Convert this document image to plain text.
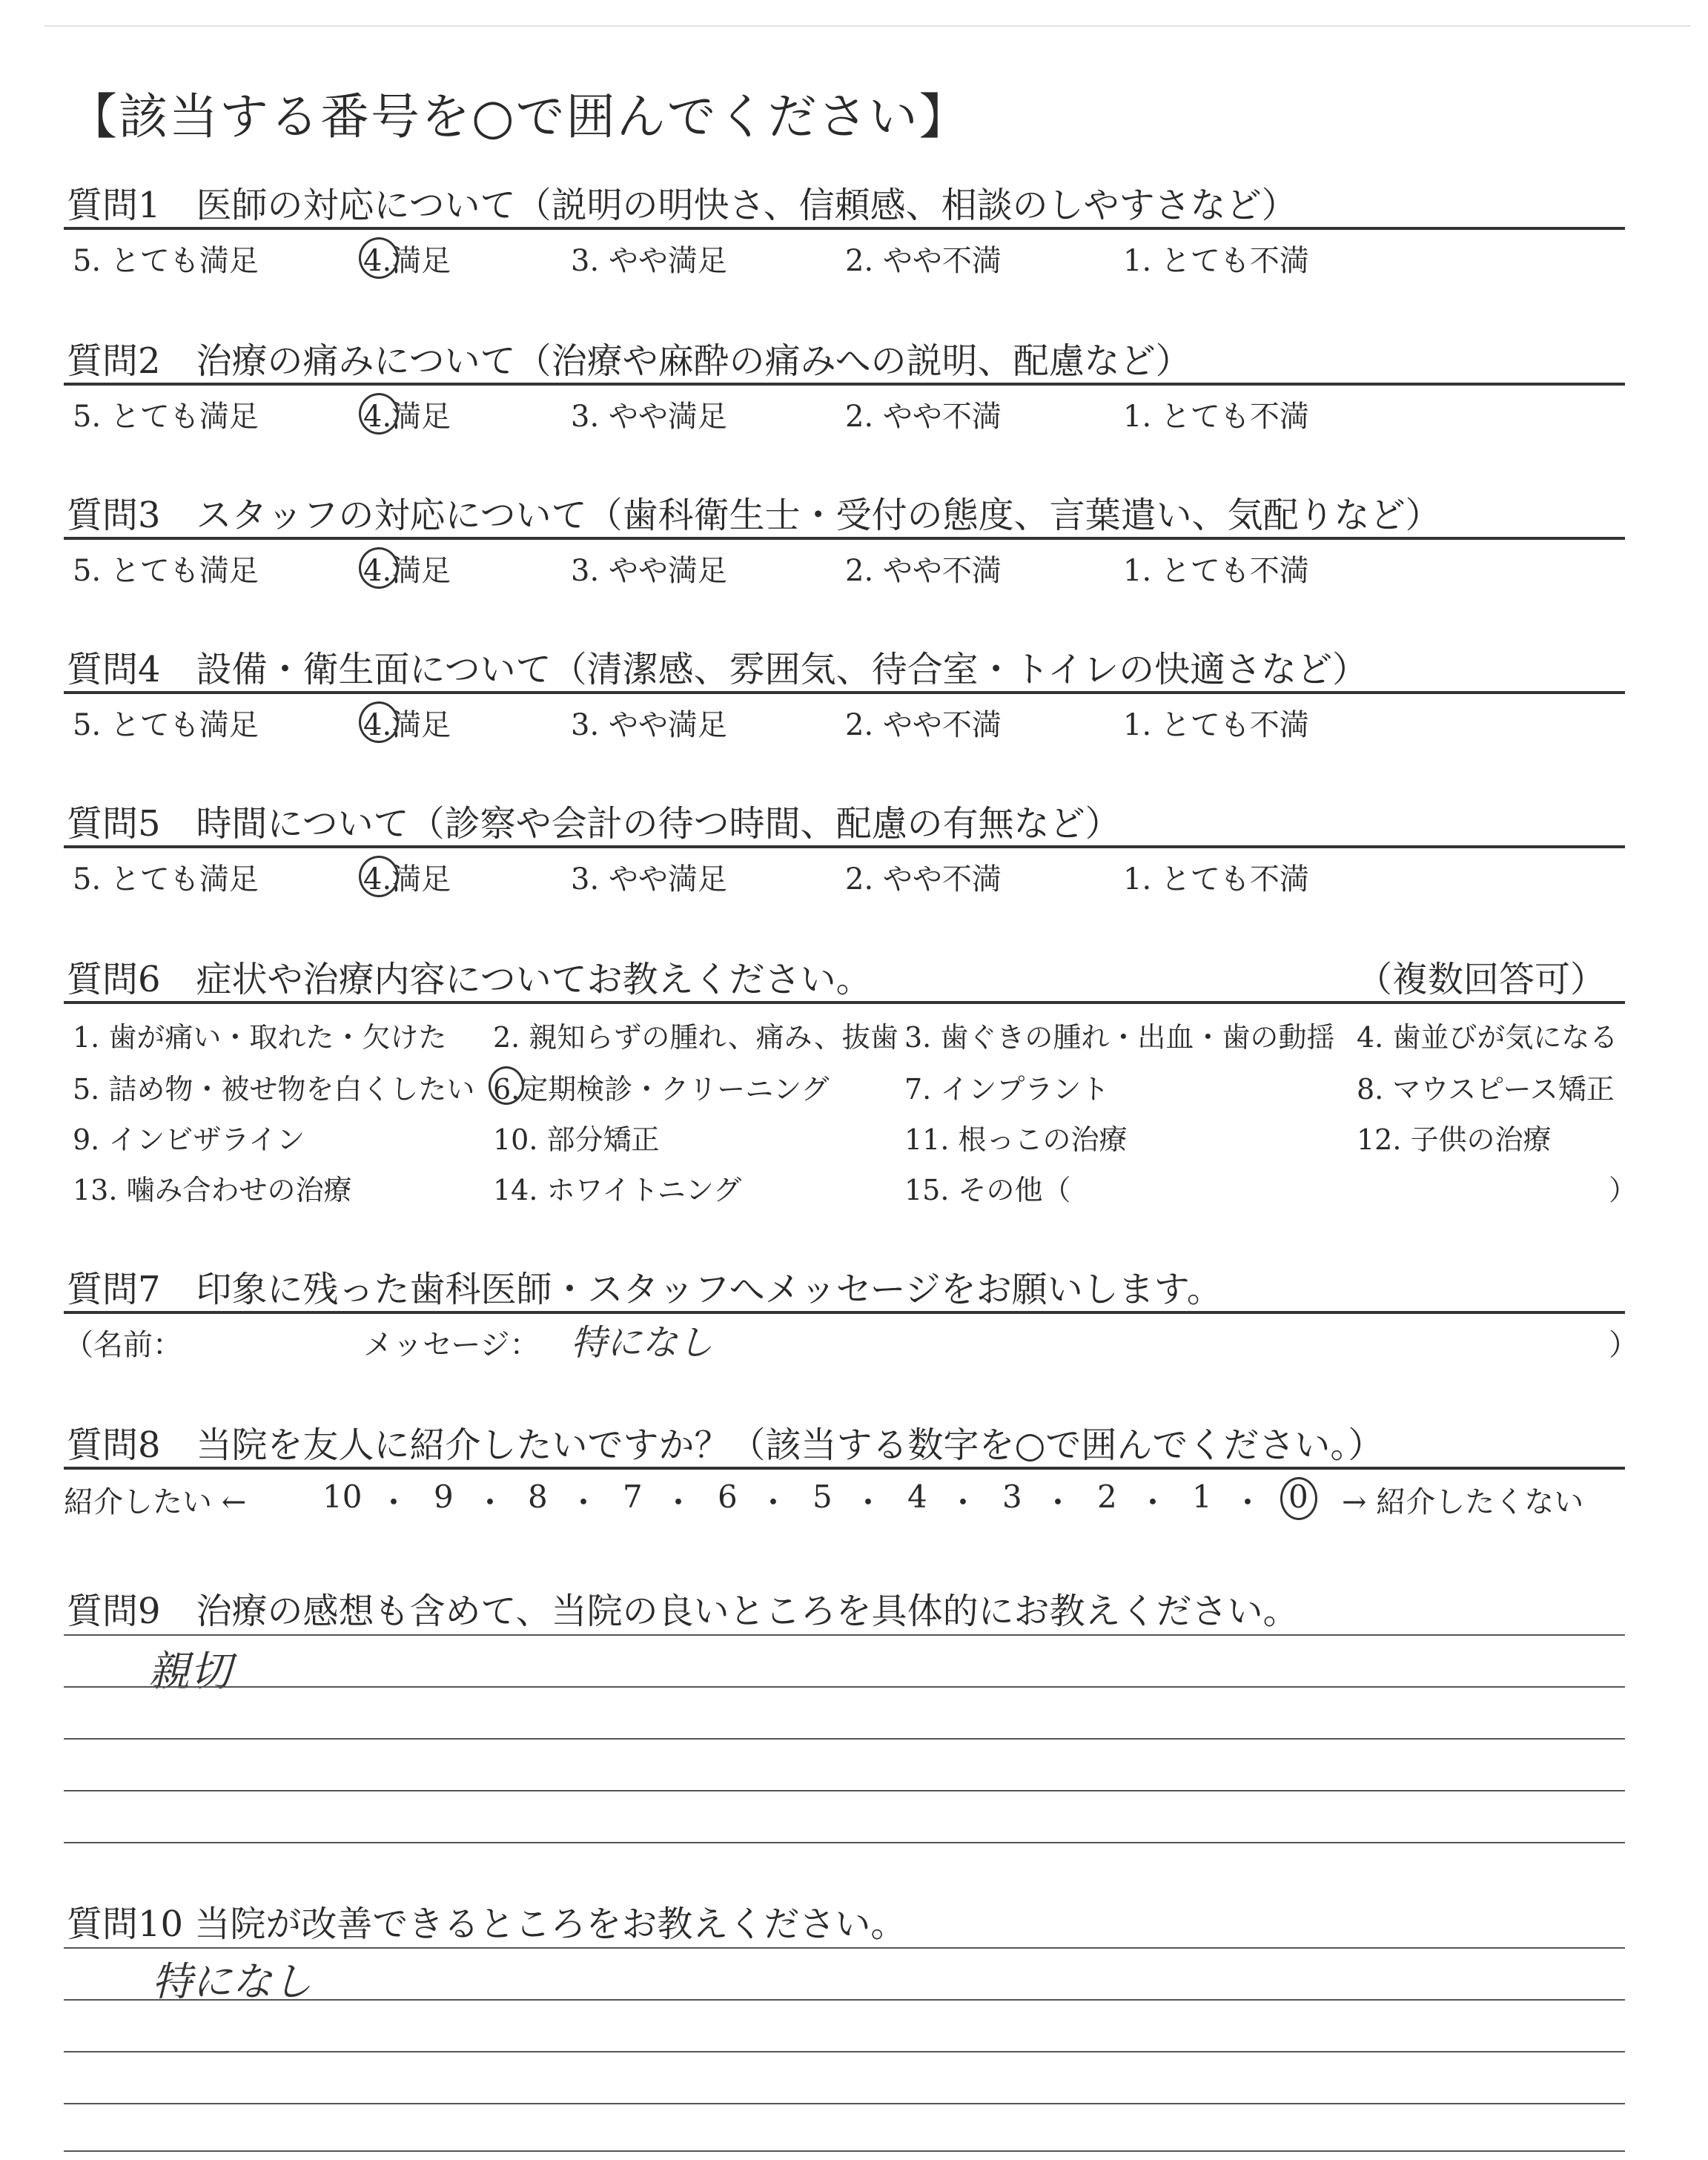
【該当する番号を○で囲んでください】
質問1　医師の対応について（説明の明快さ、信頼感、相談のしやすさなど）
5. とても満足	4.満足	3. やや満足	2. やや不満	1. とても不満
質問2　治療の痛みについて（治療や麻酔の痛みへの説明、配慮など）
5. とても満足	4.満足	3. やや満足	2. やや不満	1. とても不満
質問3　スタッフの対応について（歯科衛生士・受付の態度、言葉遣い、気配りなど）
5. とても満足	4.満足	3. やや満足	2. やや不満	1. とても不満
質問4　設備・衛生面について（清潔感、雰囲気、待合室・トイレの快適さなど）
5. とても満足	4.満足	3. やや満足	2. やや不満	1. とても不満
質問5　時間について（診察や会計の待つ時間、配慮の有無など）
5. とても満足	4.満足	3. やや満足	2. やや不満	1. とても不満
質問6　症状や治療内容についてお教えください。	（複数回答可）
1. 歯が痛い・取れた・欠けた 2. 親知らずの腫れ、痛み、抜歯 3. 歯ぐきの腫れ・出血・歯の動揺 4. 歯並びが気になる
5. 詰め物・被せ物を白くしたい 6.定期検診・クリーニング	7. インプラント	8. マウスピース矯正
9. インビザライン	10. 部分矯正	11. 根っこの治療	12. 子供の治療
13. 噛み合わせの治療	14. ホワイトニング	15. その他（	）
質問7　印象に残った歯科医師・スタッフへメッセージをお願いします。
（名前：	メッセージ： 特になし	）
質問8　当院を友人に紹介したいですか？（該当する数字を○で囲んでください。）
紹介したい ← 10 ・ 9 ・ 8 ・ 7 ・ 6 ・ 5 ・ 4 ・ 3 ・ 2 ・ 1 ・ 0 → 紹介したくない
質問9　治療の感想も含めて、当院の良いところを具体的にお教えください。
親切
質問10 当院が改善できるところをお教えください。
特になし
